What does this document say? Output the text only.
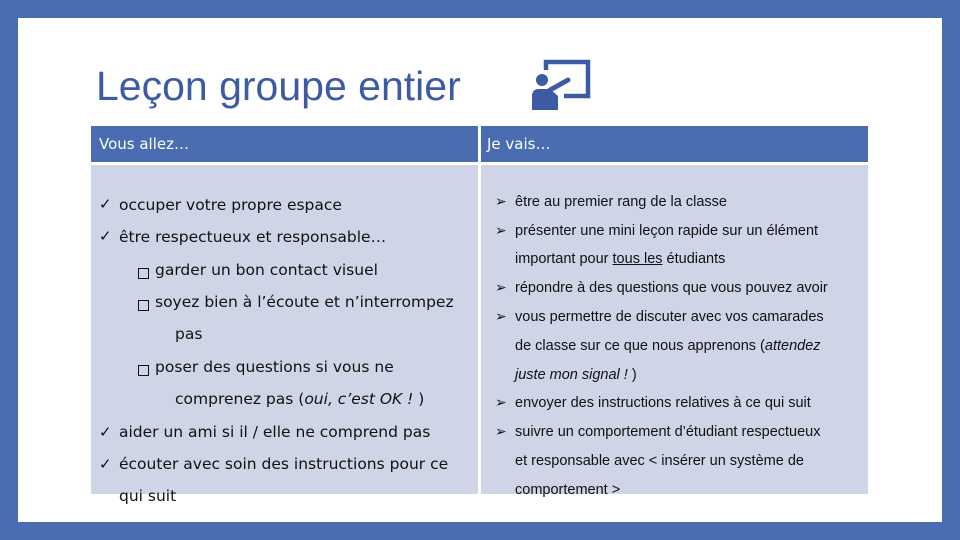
Leçon groupe entier
Vous allez…	Je vais…
✓ occuper votre propre espace
✓ être respectueux et responsable…
garder un bon contact visuel
soyez bien à l’écoute et n’interrompez
pas
poser des questions si vous ne
comprenez pas (oui, c’est OK ! )
✓ aider un ami si il / elle ne comprend pas
✓ écouter avec soin des instructions pour ce
qui suit
➢ être au premier rang de la classe
➢ présenter une mini leçon rapide sur un élément
important pour tous les étudiants
➢ répondre à des questions que vous pouvez avoir
➢ vous permettre de discuter avec vos camarades
de classe sur ce que nous apprenons (attendez
juste mon signal ! )
➢ envoyer des instructions relatives à ce qui suit
➢ suivre un comportement d’étudiant respectueux
et responsable avec < insérer un système de
comportement >
